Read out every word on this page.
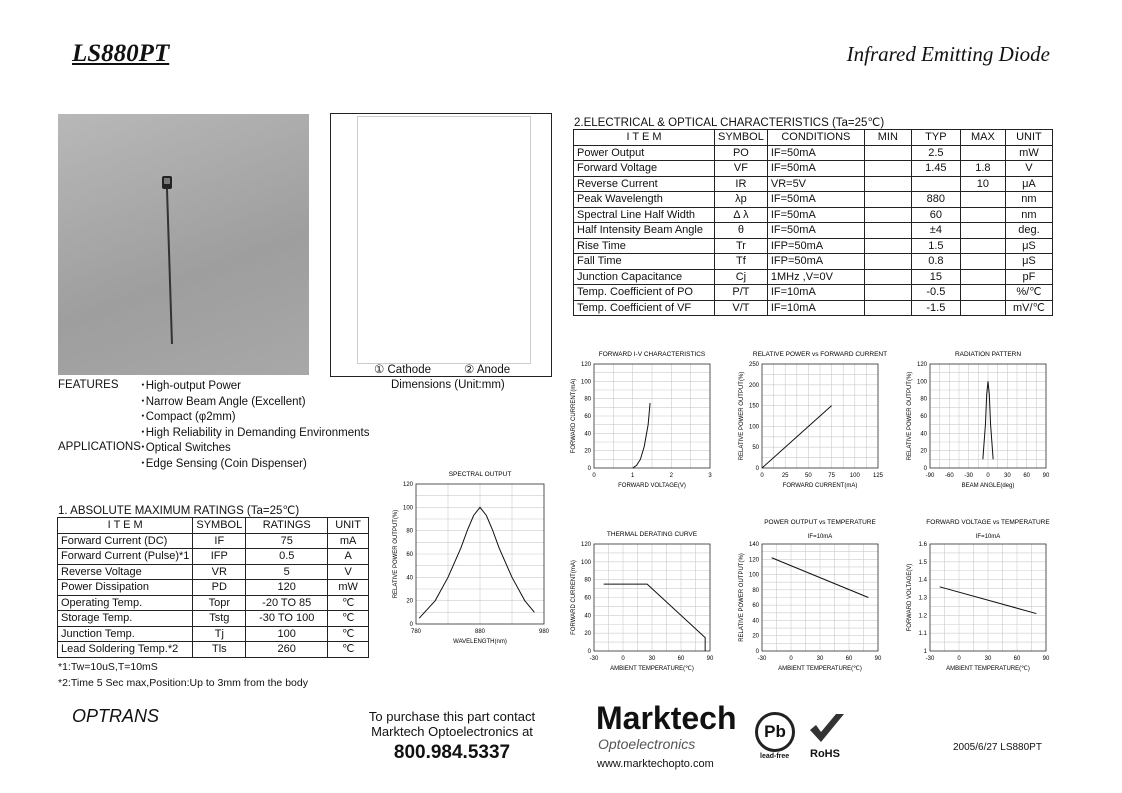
LS880PT	Infrared Emitting Diode
① Cathode	② Anode
Dimensions (Unit:mm)
FEATURES ･High-output Power
･Narrow Beam Angle (Excellent)
･Compact (φ2mm)
･High Reliability in Demanding Environments
APPLICATIONS ･Optical Switches
･Edge Sensing (Coin Dispenser)
1. ABSOLUTE MAXIMUM RATINGS (Ta=25℃)
I T E M	SYMBOL	RATINGS	UNIT
Forward Current (DC)	IF	75	mA
Forward Current (Pulse)*1	IFP	0.5	A
Reverse Voltage	VR	5	V
Power Dissipation	PD	120	mW
Operating Temp.	Topr	-20 TO 85	℃
Storage Temp.	Tstg	-30 TO 100	℃
Junction Temp.	Tj	100	℃
Lead Soldering Temp.*2	Tls	260	℃
*1:Tw=10uS,T=10mS
*2:Time 5 Sec max,Position:Up to 3mm from the body
2.ELECTRICAL & OPTICAL CHARACTERISTICS (Ta=25℃)
I T E M	SYMBOL	CONDITIONS	MIN	TYP	MAX	UNIT
Power Output	PO	IF=50mA		2.5		mW
Forward Voltage	VF	IF=50mA		1.45	1.8	V
Reverse Current	IR	VR=5V			10	μA
Peak Wavelength	λp	IF=50mA		880		nm
Spectral Line Half Width	Δ λ	IF=50mA		60		nm
Half Intensity Beam Angle	θ	IF=50mA		±4		deg.
Rise Time	Tr	IFP=50mA		1.5		μS
Fall Time	Tf	IFP=50mA		0.8		μS
Junction Capacitance	Cj	1MHz ,V=0V		15		pF
Temp. Coefficient of PO	P/T	IF=10mA		-0.5		%/℃
Temp. Coefficient of VF	V/T	IF=10mA		-1.5		mV/℃
SPECTRAL OUTPUT
780	880	980
0
20
40
60
80
100
120
WAVELENGTH(nm)
RELATIVE POWER OUTPUT(%)
FORWARD I-V CHARACTERISTICS
0	1	2	3
0
20
40
60
80
100
120
FORWARD VOLTAGE(V)
FORWARD CURRENT(mA)
RELATIVE POWER vs FORWARD CURRENT
0	25	50	75 100 125
0
50
100
150
200
250
FORWARD CURRENT(mA)
RELATIVE POWER OUTPUT(%)
RADIATION PATTERN
-90 -60 -30 0 30 60 90
0
20
40
60
80
100
120
BEAM ANGLE(deg)
RELATIVE POWER OUTPUT(%)
THERMAL DERATING CURVE
-30	0	30	60	90
0
20
40
60
80
100
120
AMBIENT TEMPERATURE(℃)
FORWARD CURRENT(mA)
POWER OUTPUT vs TEMPERATURE
IF=10mA
-30	0	30	60	90
0
20
40
60
80
100
120
140
AMBIENT TEMPERATURE(℃)
RELATIVE POWER OUTPUT(%)
FORWARD VOLTAGE vs TEMPERATURE
IF=10mA
-30	0	30	60	90
1
1.1
1.2
1.3
1.4
1.5
1.6
AMBIENT TEMPERATURE(℃)
FORWARD VOLTAGE(V)
OPTRANS	To purchase this part contact
Marktech Optoelectronics at
800.984.5337
Marktech
Optoelectronics
www.marktechopto.com
Pb
lead-free RoHS
2005/6/27 LS880PT
